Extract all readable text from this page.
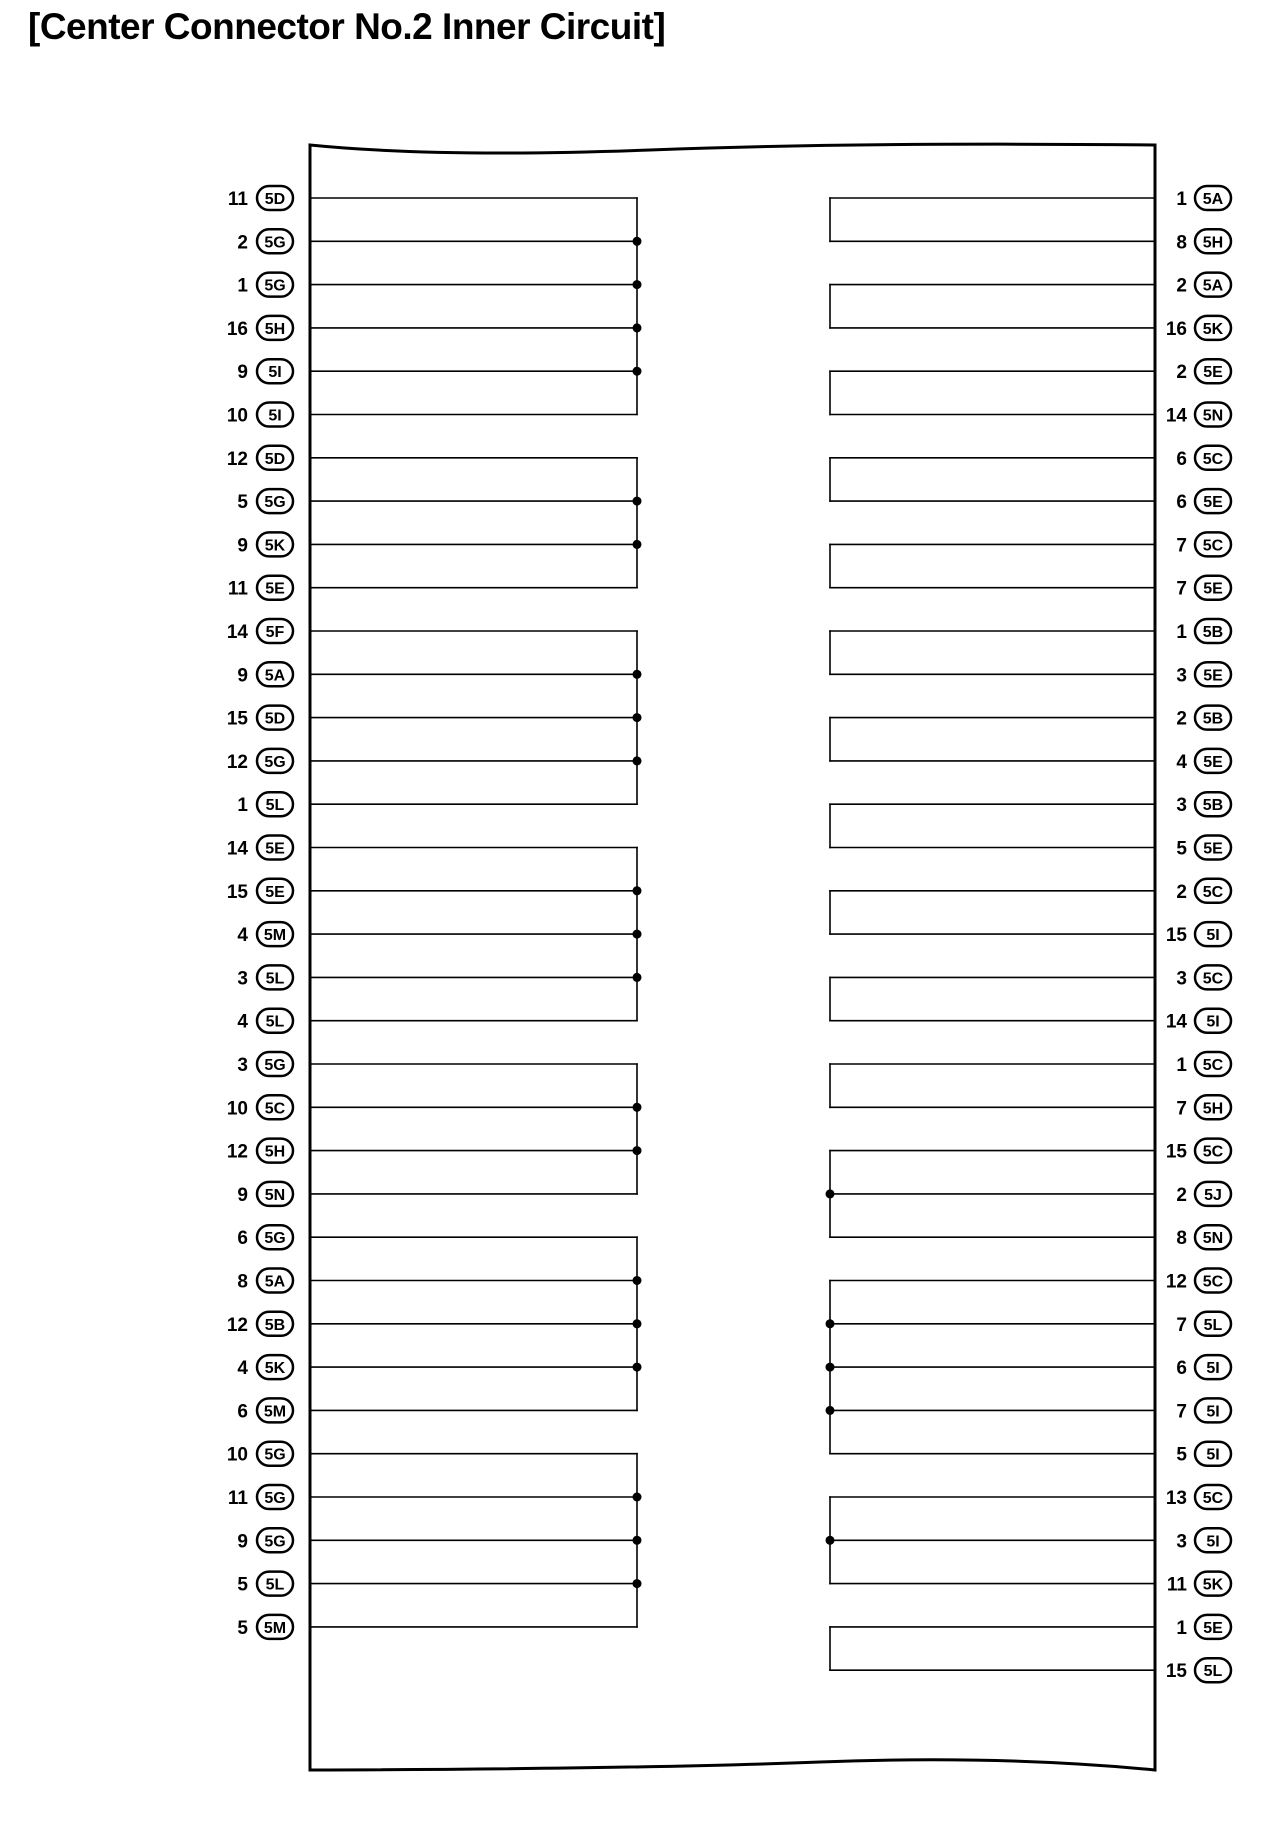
[Center Connector No.2 Inner Circuit]
11 5D
2 5G
1 5G
16 5H
9 5I
10 5I
12 5D
5 5G
9 5K
11 5E
14 5F
9 5A
15 5D
12 5G
1 5L
14 5E
15 5E
4 5M
3 5L
4 5L
3 5G
10 5C
12 5H
9 5N
6 5G
8 5A
12 5B
4 5K
6 5M
10 5G
11 5G
9 5G
5 5L
5 5M
1 5A
8 5H
2 5A
16 5K
2 5E
14 5N
6 5C
6 5E
7 5C
7 5E
1 5B
3 5E
2 5B
4 5E
3 5B
5 5E
2 5C
15 5I
3 5C
14 5I
1 5C
7 5H
15 5C
2 5J
8 5N
12 5C
7 5L
6 5I
7 5I
5 5I
13 5C
3 5I
11 5K
1 5E
15 5L
